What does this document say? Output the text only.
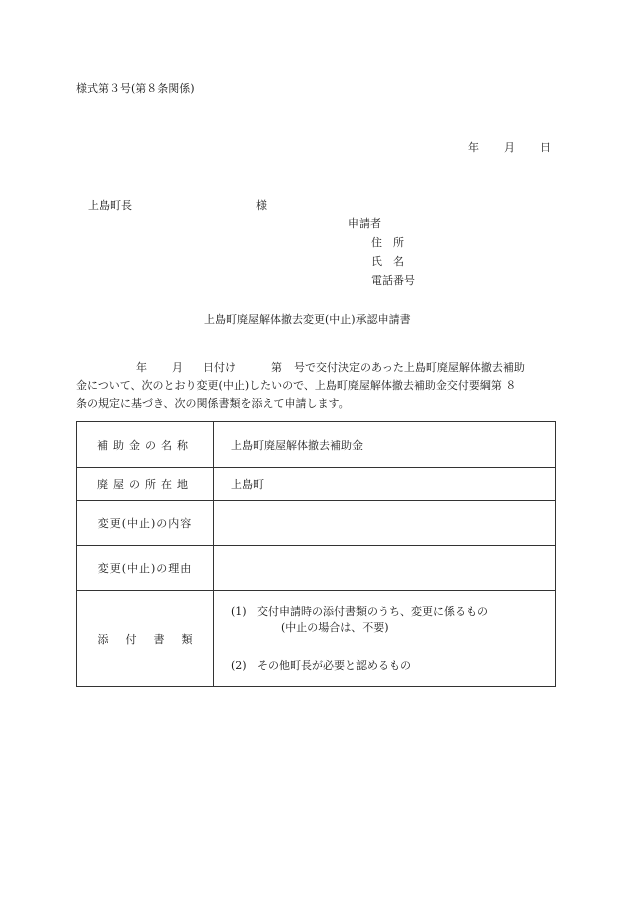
様式第３号(第８条関係)
年 月 日
上島町長	様
申請者
住　所
氏　名
電話番号
上島町廃屋解体撤去変更(中止)承認申請書
年 月 日付け	第 号で交付決定のあった上島町廃屋解体撤去補助
金について、次のとおり変更(中止)したいので、上島町廃屋解体撤去補助金交付要綱第 ８
条の規定に基づき、次の関係書類を添えて申請します。
補助金の名称	上島町廃屋解体撤去補助金

廃屋の所在地	上島町

変更(中止)の内容	

変更(中止)の理由	

添付書類	(1) 交付申請時の添付書類のうち、変更に係るもの
(中止の場合は、不要)
(2) その他町長が必要と認めるもの
